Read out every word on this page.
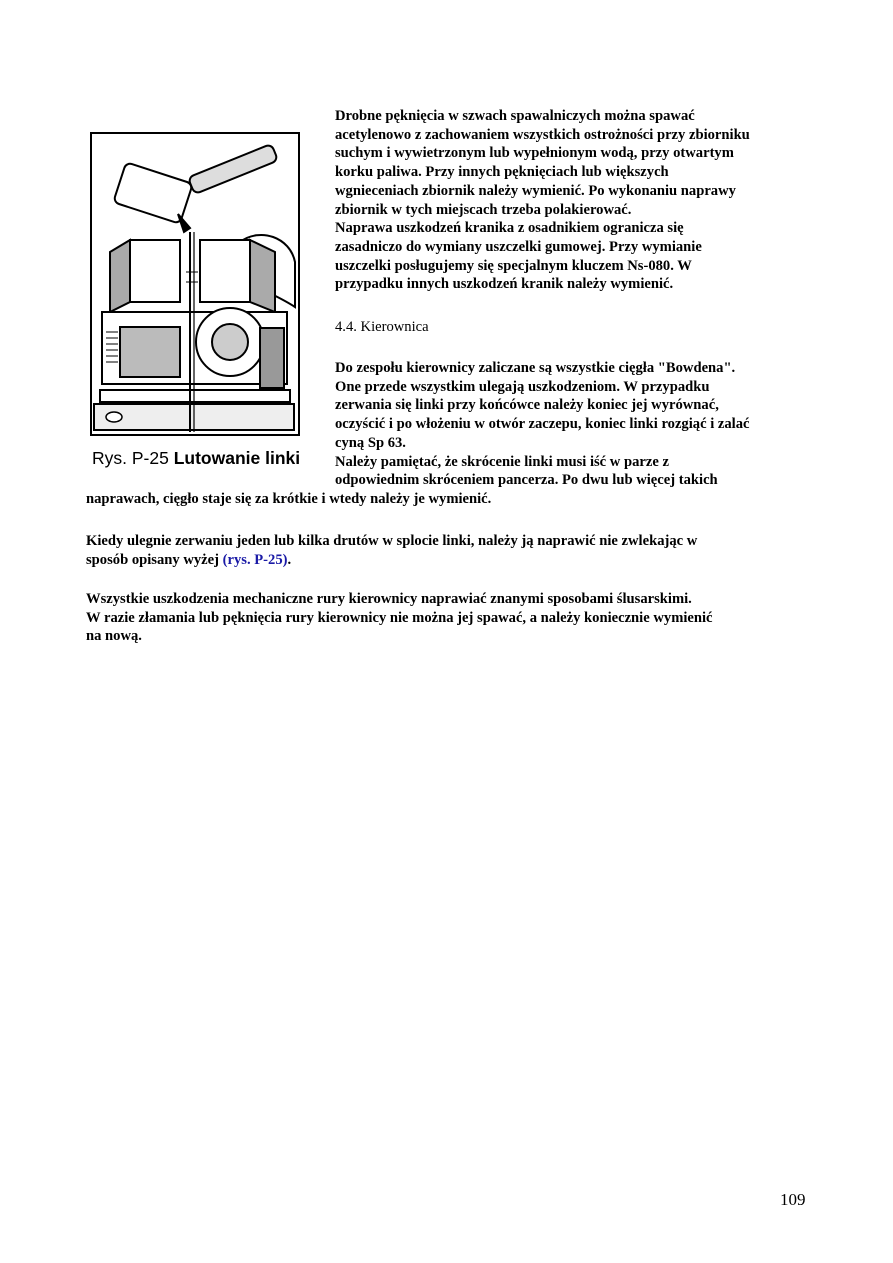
Rys. P-25 Lutowanie linki
Drobne pęknięcia w szwach spawalniczych można spawać
acetylenowo z zachowaniem wszystkich ostrożności przy zbiorniku
suchym i wywietrzonym lub wypełnionym wodą, przy otwartym
korku paliwa. Przy innych pęknięciach lub większych
wgnieceniach zbiornik należy wymienić. Po wykonaniu naprawy
zbiornik w tych miejscach trzeba polakierować.
Naprawa uszkodzeń kranika z osadnikiem ogranicza się
zasadniczo do wymiany uszczelki gumowej. Przy wymianie
uszczelki posługujemy się specjalnym kluczem Ns-080. W
przypadku innych uszkodzeń kranik należy wymienić.
4.4. Kierownica
Do zespołu kierownicy zaliczane są wszystkie cięgła "Bowdena".
One przede wszystkim ulegają uszkodzeniom. W przypadku
zerwania się linki przy końcówce należy koniec jej wyrównać,
oczyścić i po włożeniu w otwór zaczepu, koniec linki rozgiąć i zalać
cyną Sp 63.
Należy pamiętać, że skrócenie linki musi iść w parze z
odpowiednim skróceniem pancerza. Po dwu lub więcej takich
naprawach, cięgło staje się za krótkie i wtedy należy je wymienić.
Kiedy ulegnie zerwaniu jeden lub kilka drutów w splocie linki, należy ją naprawić nie zwlekając w
sposób opisany wyżej (rys. P-25).
Wszystkie uszkodzenia mechaniczne rury kierownicy naprawiać znanymi sposobami ślusarskimi.
W razie złamania lub pęknięcia rury kierownicy nie można jej spawać, a należy koniecznie wymienić
na nową.
109
